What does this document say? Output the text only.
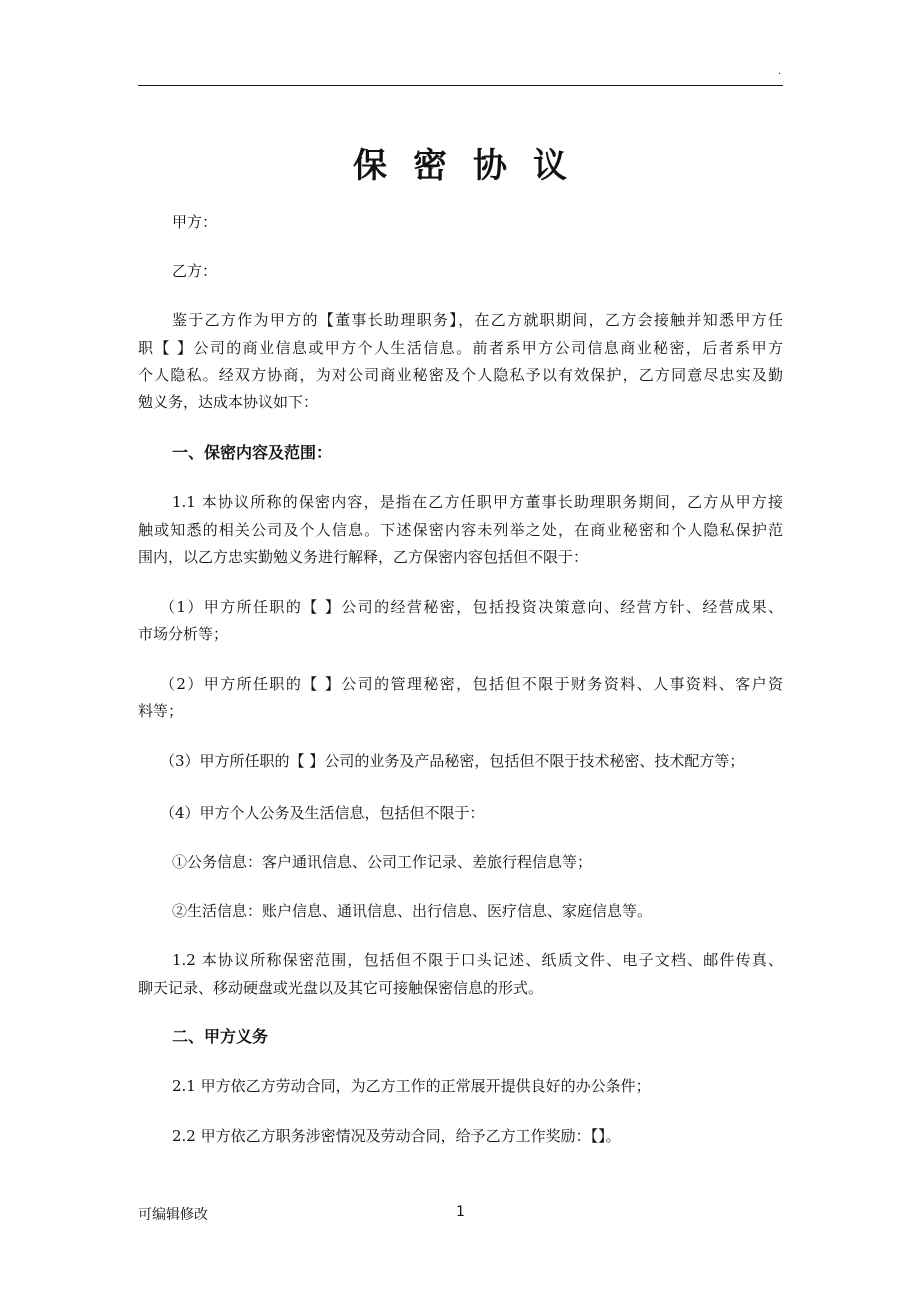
.
保密协议
甲方：
乙方：
鉴于乙方作为甲方的【董事长助理职务】，在乙方就职期间，乙方会接触并知悉甲方任
职【 】公司的商业信息或甲方个人生活信息。前者系甲方公司信息商业秘密，后者系甲方
个人隐私。经双方协商，为对公司商业秘密及个人隐私予以有效保护，乙方同意尽忠实及勤
勉义务，达成本协议如下：
一、保密内容及范围：
1.1 本协议所称的保密内容，是指在乙方任职甲方董事长助理职务期间，乙方从甲方接
触或知悉的相关公司及个人信息。下述保密内容未列举之处，在商业秘密和个人隐私保护范
围内，以乙方忠实勤勉义务进行解释，乙方保密内容包括但不限于：
（1）甲方所任职的【 】公司的经营秘密，包括投资决策意向、经营方针、经营成果、
市场分析等；
（2）甲方所任职的【 】公司的管理秘密，包括但不限于财务资料、人事资料、客户资
料等；
（3）甲方所任职的【 】公司的业务及产品秘密，包括但不限于技术秘密、技术配方等；
（4）甲方个人公务及生活信息，包括但不限于：
①公务信息：客户通讯信息、公司工作记录、差旅行程信息等；
②生活信息：账户信息、通讯信息、出行信息、医疗信息、家庭信息等。
1.2 本协议所称保密范围，包括但不限于口头记述、纸质文件、电子文档、邮件传真、
聊天记录、移动硬盘或光盘以及其它可接触保密信息的形式。
二、甲方义务
2.1 甲方依乙方劳动合同，为乙方工作的正常展开提供良好的办公条件；
2.2 甲方依乙方职务涉密情况及劳动合同，给予乙方工作奖励：【】。
可编辑修改	1
